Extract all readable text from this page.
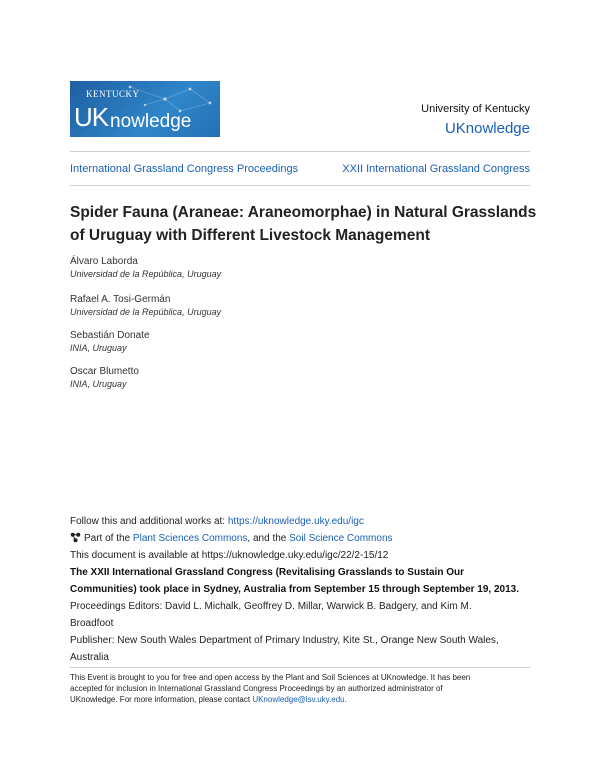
KENTUCKY
UK nowledge
University of Kentucky
UKnowledge
International Grassland Congress Proceedings	XXII International Grassland Congress
Spider Fauna (Araneae: Araneomorphae) in Natural Grasslands of Uruguay with Different Livestock Management
Álvaro Laborda
Universidad de la República, Uruguay
Rafael A. Tosi-Germán
Universidad de la República, Uruguay
Sebastián Donate
INIA, Uruguay
Oscar Blumetto
INIA, Uruguay
Follow this and additional works at: https://uknowledge.uky.edu/igc
Part of the Plant Sciences Commons, and the Soil Science Commons
This document is available at https://uknowledge.uky.edu/igc/22/2-15/12
The XXII International Grassland Congress (Revitalising Grasslands to Sustain Our
Communities) took place in Sydney, Australia from September 15 through September 19, 2013.
Proceedings Editors: David L. Michalk, Geoffrey D. Millar, Warwick B. Badgery, and Kim M.
Broadfoot
Publisher: New South Wales Department of Primary Industry, Kite St., Orange New South Wales,
Australia
This Event is brought to you for free and open access by the Plant and Soil Sciences at UKnowledge. It has been
accepted for inclusion in International Grassland Congress Proceedings by an authorized administrator of
UKnowledge. For more information, please contact UKnowledge@lsv.uky.edu.
